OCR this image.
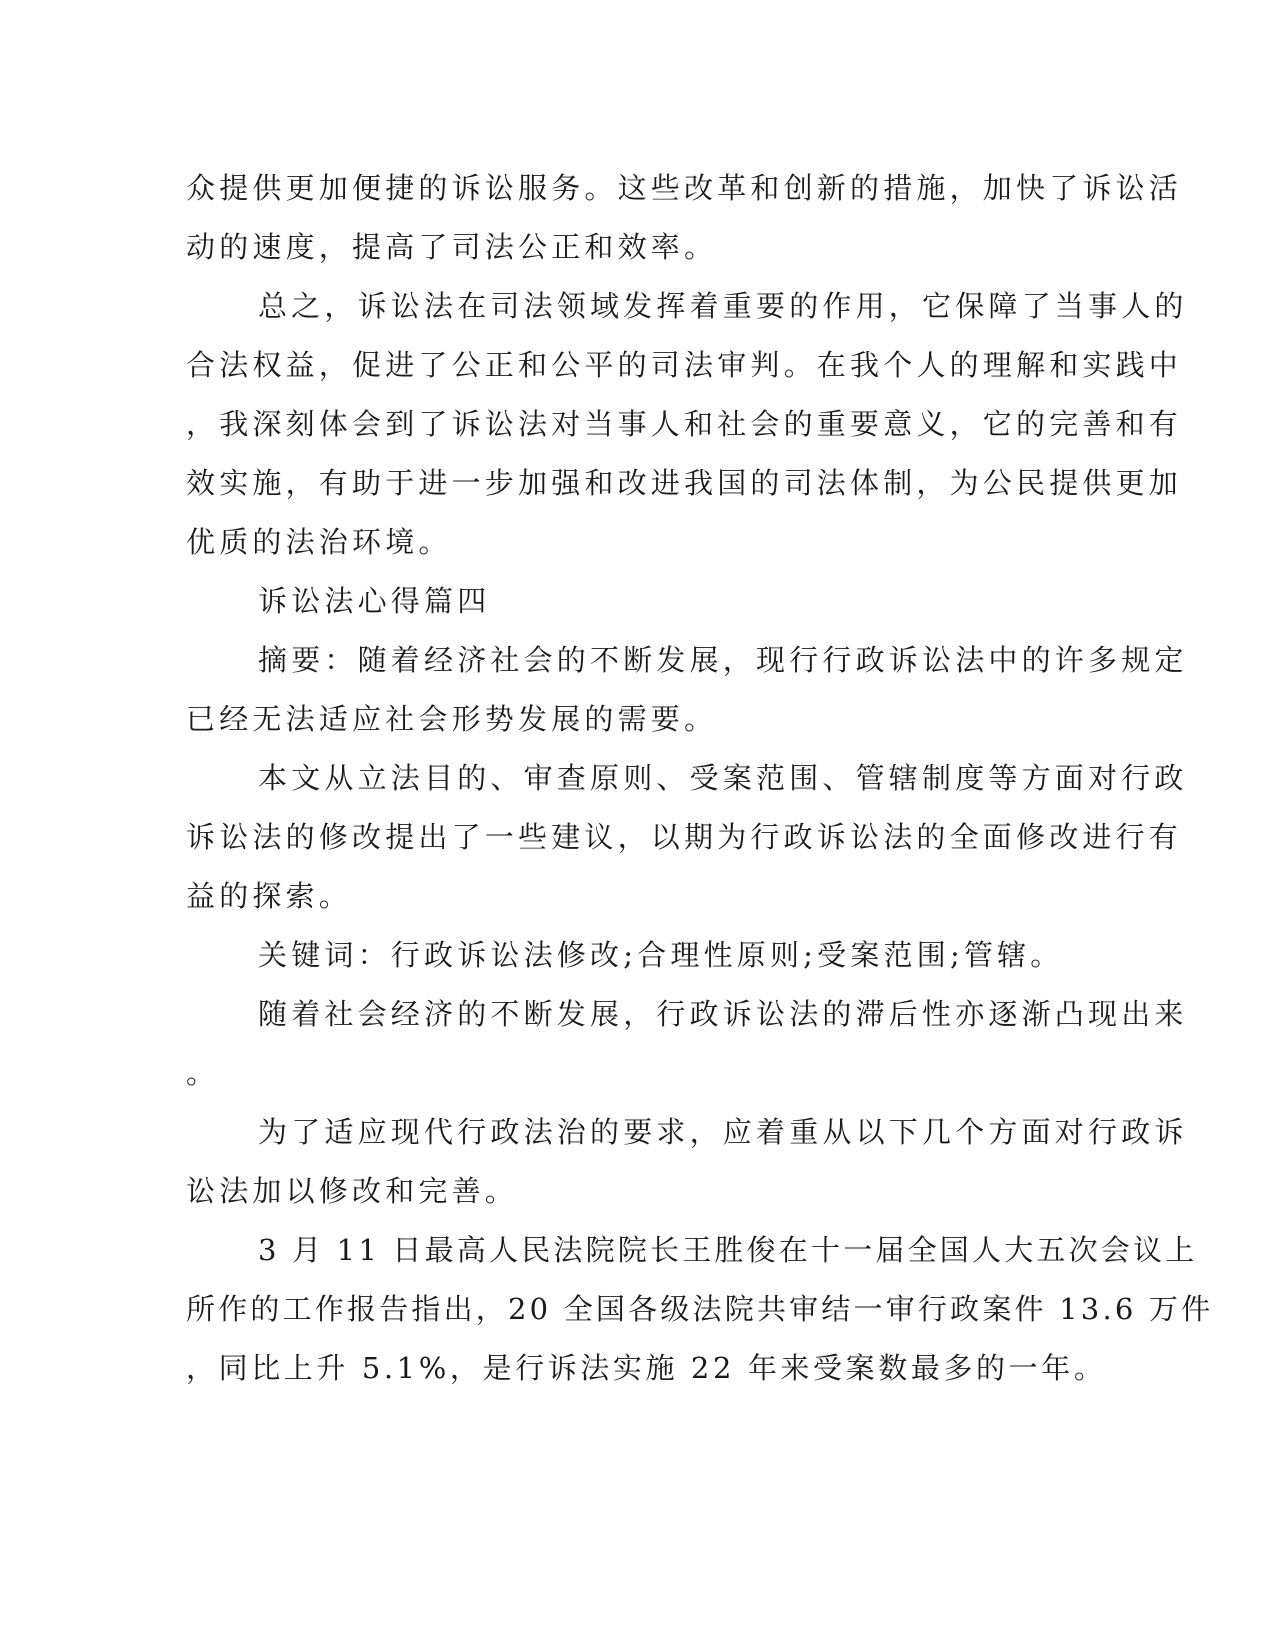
众提供更加便捷的诉讼服务。这些改革和创新的措施，加快了诉讼活
动的速度，提高了司法公正和效率。
总之，诉讼法在司法领域发挥着重要的作用，它保障了当事人的
合法权益，促进了公正和公平的司法审判。在我个人的理解和实践中
，我深刻体会到了诉讼法对当事人和社会的重要意义，它的完善和有
效实施，有助于进一步加强和改进我国的司法体制，为公民提供更加
优质的法治环境。
诉讼法心得篇四
摘要：随着经济社会的不断发展，现行行政诉讼法中的许多规定
已经无法适应社会形势发展的需要。
本文从立法目的、审查原则、受案范围、管辖制度等方面对行政
诉讼法的修改提出了一些建议，以期为行政诉讼法的全面修改进行有
益的探索。
关键词：行政诉讼法修改;合理性原则;受案范围;管辖。
随着社会经济的不断发展，行政诉讼法的滞后性亦逐渐凸现出来
。
为了适应现代行政法治的要求，应着重从以下几个方面对行政诉
讼法加以修改和完善。
3 月 11 日最高人民法院院长王胜俊在十一届全国人大五次会议上
所作的工作报告指出，20 全国各级法院共审结一审行政案件 13.6 万件
，同比上升 5.1%，是行诉法实施 22 年来受案数最多的一年。
